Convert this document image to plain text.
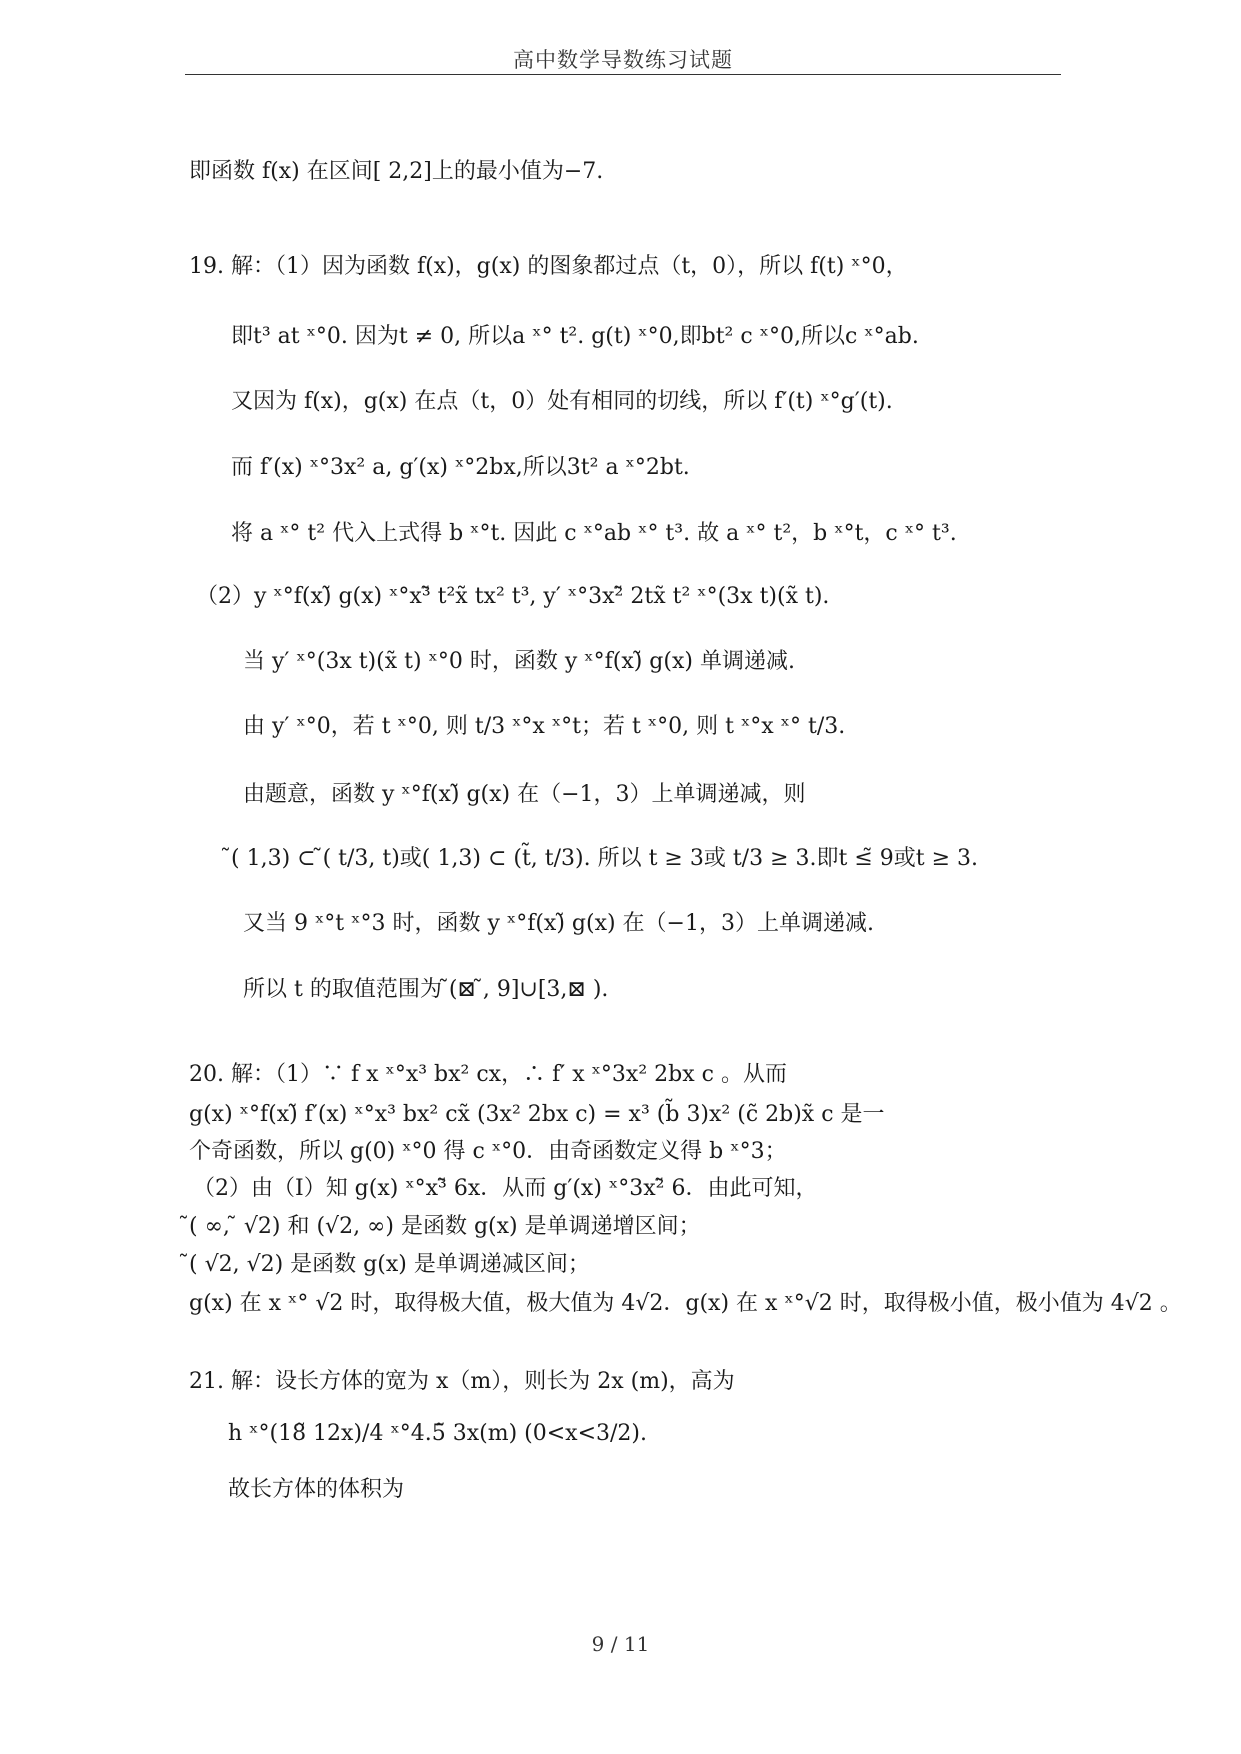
高中数学导数练习试题
即函数 f(x) 在区间[ 2,2]上的最小值为−7.
19. 解：（1）因为函数 f(x)，g(x) 的图象都过点（t，0），所以 f(t) ˣ°0，
即t³ at ˣ°0. 因为t ≠ 0, 所以a ˣ° t². g(t) ˣ°0,即bt² c ˣ°0,所以c ˣ°ab.
又因为 f(x)，g(x) 在点（t，0）处有相同的切线，所以 f′(t) ˣ°g′(t).
而 f′(x) ˣ°3x² a, g′(x) ˣ°2bx,所以3t² a ˣ°2bt.
将 a ˣ° t² 代入上式得 b ˣ°t. 因此 c ˣ°ab ˣ° t³. 故 a ˣ° t²，b ˣ°t，c ˣ° t³.
（2）y ˣ°f(x)̃ g(x) ˣ°x³̃ t²x̃ tx² t³, y′ ˣ°3x²̃ 2tx̃ t² ˣ°(3x t)(x̃ t).
当 y′ ˣ°(3x t)(x̃ t) ˣ°0 时，函数 y ˣ°f(x)̃ g(x) 单调递减.
由 y′ ˣ°0，若 t ˣ°0, 则 t/3 ˣ°x ˣ°t；若 t ˣ°0, 则 t ˣ°x ˣ° t/3.
由题意，函数 y ˣ°f(x)̃ g(x) 在（−1，3）上单调递减，则
̃( 1,3) ⊂ ̃( t/3, t)或( 1,3) ⊂ (t̃, t/3). 所以 t ≥ 3或 t/3 ≥ 3.即t ≤̃ 9或t ≥ 3.
又当 9 ˣ°t ˣ°3 时，函数 y ˣ°f(x)̃ g(x) 在（−1，3）上单调递减.
所以 t 的取值范围为 ̃(⊠ ̃, 9]∪[3,⊠ ).
20. 解：（1）∵ f x ˣ°x³ bx² cx，∴ f′ x ˣ°3x² 2bx c 。从而
g(x) ˣ°f(x)̃ f′(x) ˣ°x³ bx² cx̃ (3x² 2bx c) = x³ (b̃ 3)x² (c̃ 2b)x̃ c 是一
个奇函数，所以 g(0) ˣ°0 得 c ˣ°0．由奇函数定义得 b ˣ°3；
（2）由（Ⅰ）知 g(x) ˣ°x³̃ 6x．从而 g′(x) ˣ°3x²̃ 6．由此可知，
̃( ∞, ̃ √2) 和 (√2, ∞) 是函数 g(x) 是单调递增区间；
̃( √2, √2) 是函数 g(x) 是单调递减区间；
g(x) 在 x ˣ° √2 时，取得极大值，极大值为 4√2．g(x) 在 x ˣ°√2 时，取得极小值，极小值为 4√2 。
21. 解：设长方体的宽为 x（m），则长为 2x (m)，高为
h ˣ°(18̃ 12x)/4 ˣ°4.5̃ 3x(m) (0<x<3/2).
故长方体的体积为
9 / 11
